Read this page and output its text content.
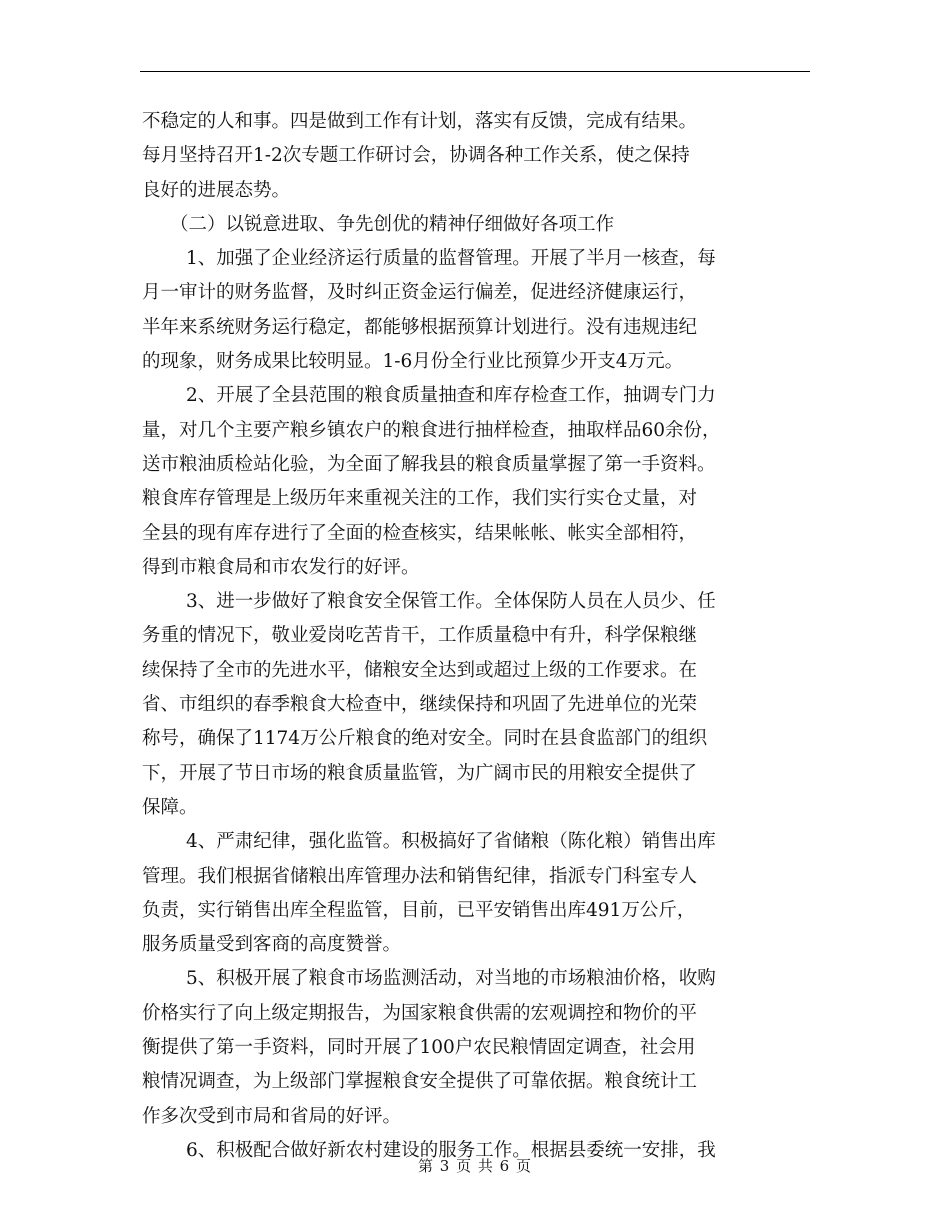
不稳定的人和事。四是做到工作有计划，落实有反馈，完成有结果。
每月坚持召开1-2次专题工作研讨会，协调各种工作关系，使之保持
良好的进展态势。
（二）以锐意进取、争先创优的精神仔细做好各项工作
1、加强了企业经济运行质量的监督管理。开展了半月一核查，每
月一审计的财务监督，及时纠正资金运行偏差，促进经济健康运行，
半年来系统财务运行稳定，都能够根据预算计划进行。没有违规违纪
的现象，财务成果比较明显。1-6月份全行业比预算少开支4万元。
2、开展了全县范围的粮食质量抽查和库存检查工作，抽调专门力
量，对几个主要产粮乡镇农户的粮食进行抽样检查，抽取样品60余份，
送市粮油质检站化验，为全面了解我县的粮食质量掌握了第一手资料。
粮食库存管理是上级历年来重视关注的工作，我们实行实仓丈量，对
全县的现有库存进行了全面的检查核实，结果帐帐、帐实全部相符，
得到市粮食局和市农发行的好评。
3、进一步做好了粮食安全保管工作。全体保防人员在人员少、任
务重的情况下，敬业爱岗吃苦肯干，工作质量稳中有升，科学保粮继
续保持了全市的先进水平，储粮安全达到或超过上级的工作要求。在
省、市组织的春季粮食大检查中，继续保持和巩固了先进单位的光荣
称号，确保了1174万公斤粮食的绝对安全。同时在县食监部门的组织
下，开展了节日市场的粮食质量监管，为广阔市民的用粮安全提供了
保障。
4、严肃纪律，强化监管。积极搞好了省储粮（陈化粮）销售出库
管理。我们根据省储粮出库管理办法和销售纪律，指派专门科室专人
负责，实行销售出库全程监管，目前，已平安销售出库491万公斤，
服务质量受到客商的高度赞誉。
5、积极开展了粮食市场监测活动，对当地的市场粮油价格，收购
价格实行了向上级定期报告，为国家粮食供需的宏观调控和物价的平
衡提供了第一手资料，同时开展了100户农民粮情固定调查，社会用
粮情况调查，为上级部门掌握粮食安全提供了可靠依据。粮食统计工
作多次受到市局和省局的好评。
6、积极配合做好新农村建设的服务工作。根据县委统一安排，我
第 3 页 共 6 页
